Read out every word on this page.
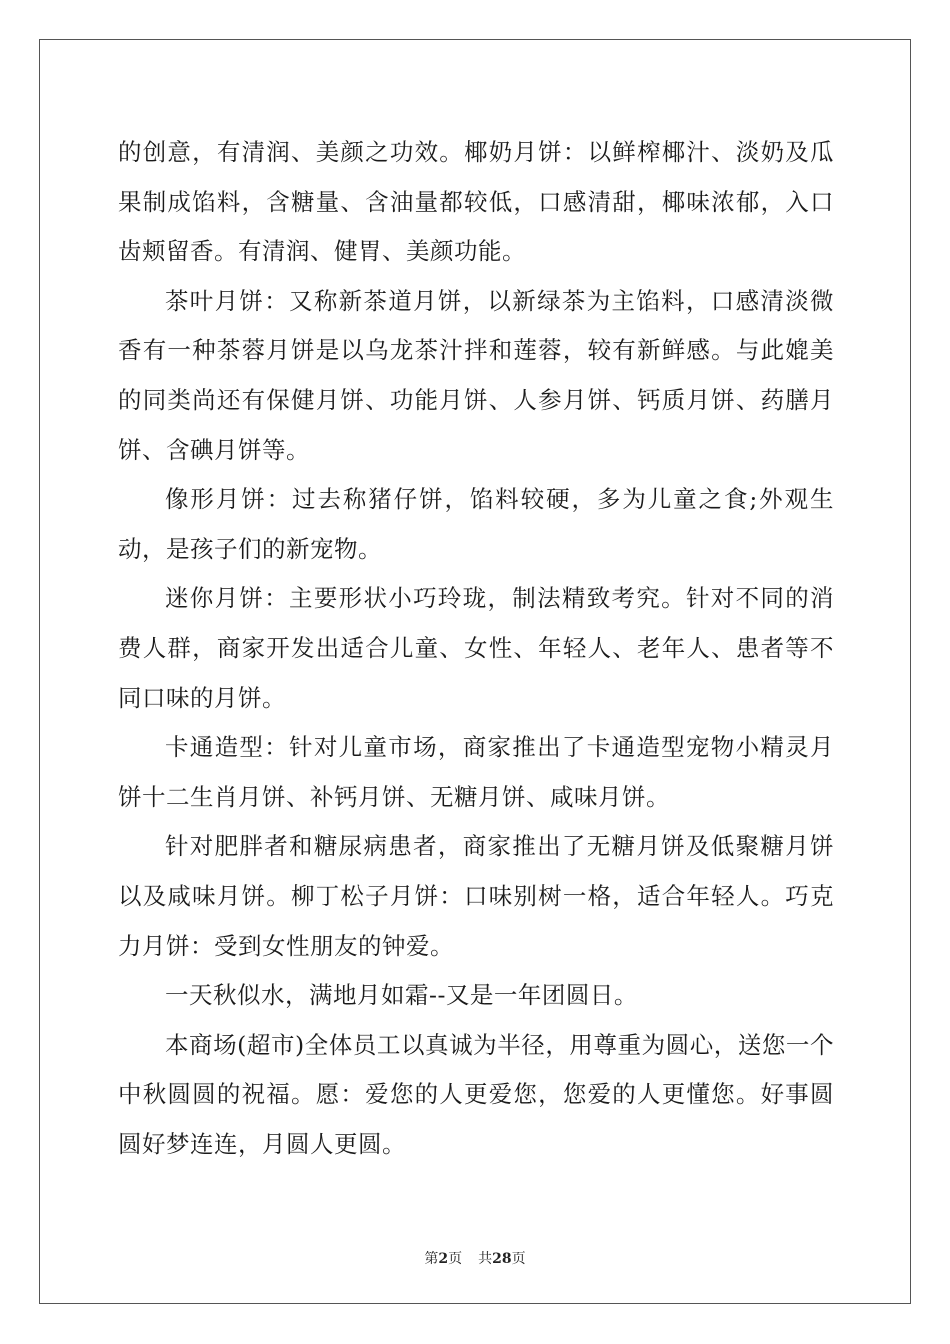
的创意，有清润、美颜之功效。椰奶月饼：以鲜榨椰汁、淡奶及瓜果制成馅料，含糖量、含油量都较低，口感清甜，椰味浓郁，入口齿颊留香。有清润、健胃、美颜功能。

茶叶月饼：又称新茶道月饼，以新绿茶为主馅料，口感清淡微香有一种茶蓉月饼是以乌龙茶汁拌和莲蓉，较有新鲜感。与此媲美的同类尚还有保健月饼、功能月饼、人参月饼、钙质月饼、药膳月饼、含碘月饼等。

像形月饼：过去称猪仔饼，馅料较硬，多为儿童之食;外观生动，是孩子们的新宠物。

迷你月饼：主要形状小巧玲珑，制法精致考究。针对不同的消费人群，商家开发出适合儿童、女性、年轻人、老年人、患者等不同口味的月饼。

卡通造型：针对儿童市场，商家推出了卡通造型宠物小精灵月饼十二生肖月饼、补钙月饼、无糖月饼、咸味月饼。

针对肥胖者和糖尿病患者，商家推出了无糖月饼及低聚糖月饼以及咸味月饼。柳丁松子月饼：口味别树一格，适合年轻人。巧克力月饼：受到女性朋友的钟爱。

一天秋似水，满地月如霜--又是一年团圆日。

本商场(超市)全体员工以真诚为半径，用尊重为圆心，送您一个中秋圆圆的祝福。愿：爱您的人更爱您，您爱的人更懂您。好事圆圆好梦连连，月圆人更圆。

第2页 共28页
